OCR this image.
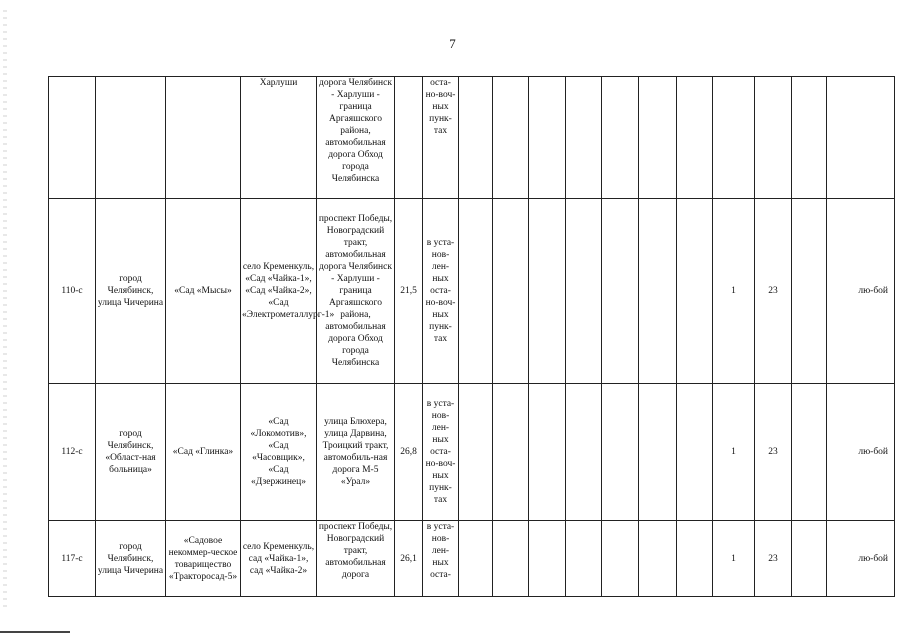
7
			Харлуши	дорога Челябинск - Харлуши - граница Аргаяшского района, автомобильная дорога Обход города Челябинска		оста-но-воч-ных пунк-тах											
110-с	город Челябинск, улица Чичерина	«Сад «Мысы»	село Кременкуль, «Сад «Чайка-1», «Сад «Чайка-2», «Сад «Электрометаллург-1»	проспект Победы, Новоградский тракт, автомобильная дорога Челябинск - Харлуши - граница Аргаяшского района, автомобильная дорога Обход города Челябинска	21,5	в уста-нов-лен-ных оста-но-воч-ных пунк-тах								1	23		лю-бой
112-с	город Челябинск, «Област-ная больница»	«Сад «Глинка»	«Сад «Локомотив», «Сад «Часовщик», «Сад «Дзержинец»	улица Блюхера, улица Дарвина, Троицкий тракт, автомобиль-ная дорога М-5 «Урал»	26,8	в уста-нов-лен-ных оста-но-воч-ных пунк-тах								1	23		лю-бой
117-с	город Челябинск, улица Чичерина	«Садовое некоммер-ческое товарищество «Тракторосад-5»	село Кременкуль, сад «Чайка-1», сад «Чайка-2»	проспект Победы, Новоградский тракт, автомобильная дорога	26,1	в уста-нов-лен-ных оста-								1	23		лю-бой
